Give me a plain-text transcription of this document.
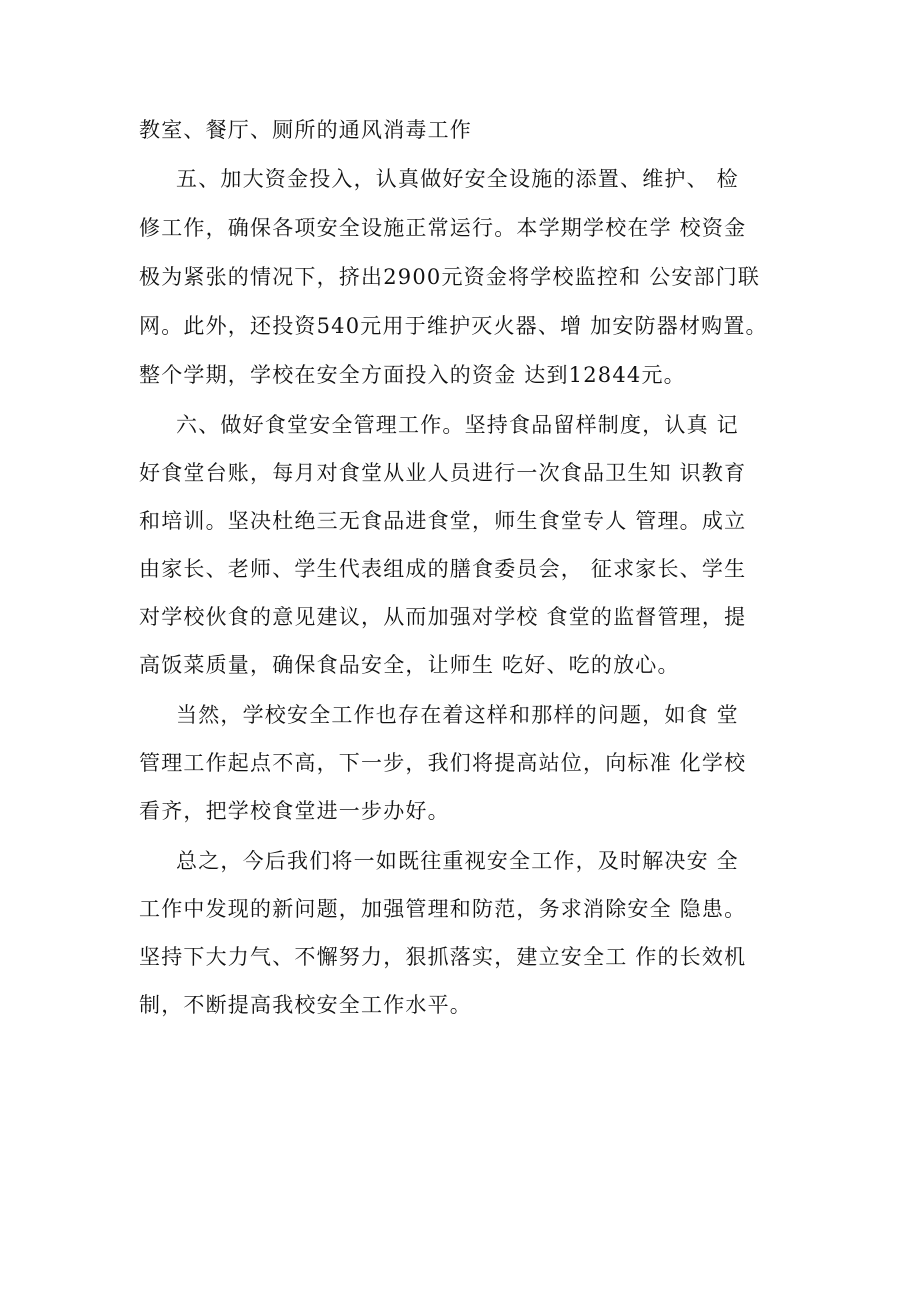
教室、餐厅、厕所的通风消毒工作
五、加大资金投入，认真做好安全设施的添置、维护、 检
修工作，确保各项安全设施正常运行。本学期学校在学 校资金
极为紧张的情况下，挤出2900元资金将学校监控和 公安部门联
网。此外，还投资540元用于维护灭火器、增 加安防器材购置。
整个学期，学校在安全方面投入的资金 达到12844元。
六、做好食堂安全管理工作。坚持食品留样制度，认真 记
好食堂台账，每月对食堂从业人员进行一次食品卫生知 识教育
和培训。坚决杜绝三无食品进食堂，师生食堂专人 管理。成立
由家长、老师、学生代表组成的膳食委员会， 征求家长、学生
对学校伙食的意见建议，从而加强对学校 食堂的监督管理，提
高饭菜质量，确保食品安全，让师生 吃好、吃的放心。
当然，学校安全工作也存在着这样和那样的问题，如食 堂
管理工作起点不高，下一步，我们将提高站位，向标准 化学校
看齐，把学校食堂进一步办好。
总之，今后我们将一如既往重视安全工作，及时解决安 全
工作中发现的新问题，加强管理和防范，务求消除安全 隐患。
坚持下大力气、不懈努力，狠抓落实，建立安全工 作的长效机
制，不断提高我校安全工作水平。
